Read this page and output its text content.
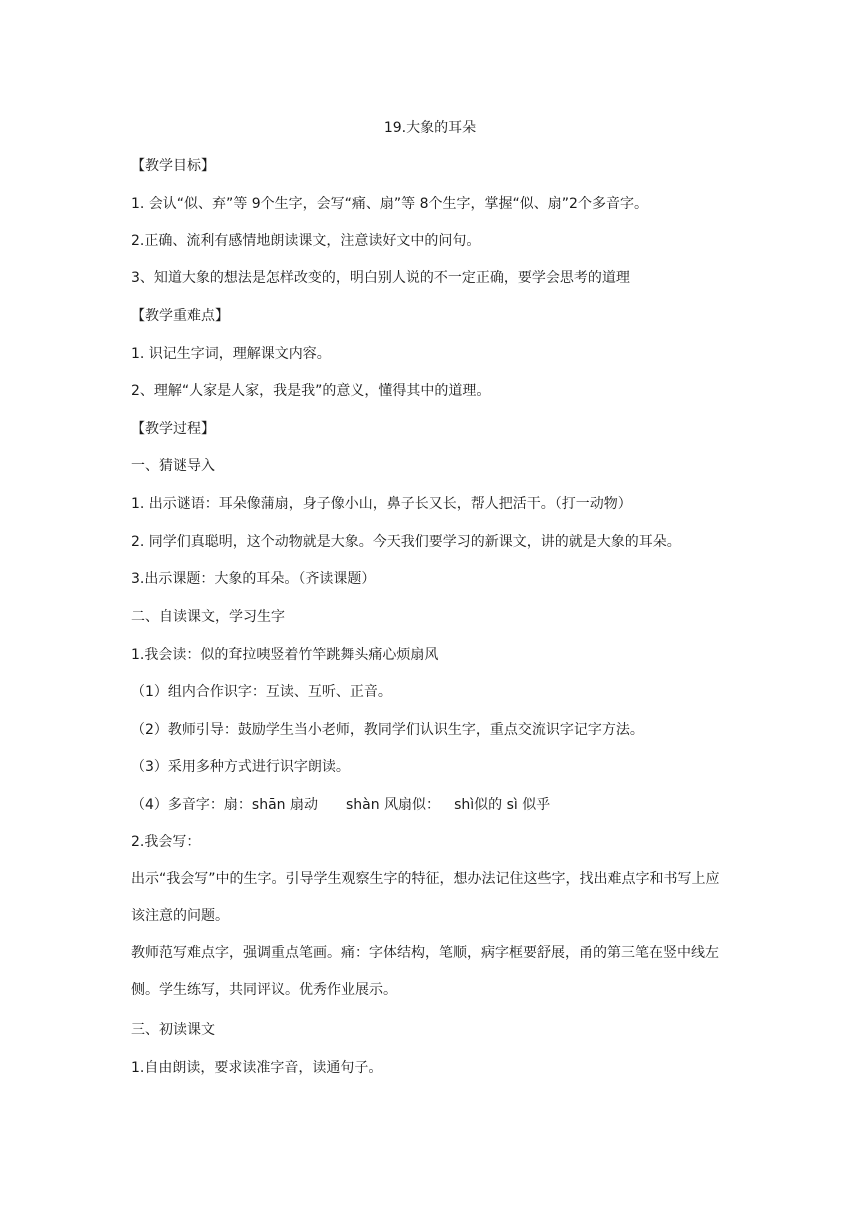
19.大象的耳朵
【教学目标】
1. 会认“似、弃”等 9个生字，会写“痛、扇”等 8个生字，掌握“似、扇”2个多音字。
2.正确、流利有感情地朗读课文，注意读好文中的问句。
3、知道大象的想法是怎样改变的，明白别人说的不一定正确，要学会思考的道理
【教学重难点】
1. 识记生字词，理解课文内容。
2、理解“人家是人家，我是我”的意义，懂得其中的道理。
【教学过程】
一、猜谜导入
1. 出示谜语：耳朵像蒲扇，身子像小山，鼻子长又长，帮人把活干。（打一动物）
2. 同学们真聪明，这个动物就是大象。今天我们要学习的新课文，讲的就是大象的耳朵。
3.出示课题：大象的耳朵。（齐读课题）
二、自读课文，学习生字
1.我会读：似的耷拉咦竖着竹竿跳舞头痛心烦扇风
（1）组内合作识字：互读、互听、正音。
（2）教师引导：鼓励学生当小老师，教同学们认识生字，重点交流识字记字方法。
（3）采用多种方式进行识字朗读。
（4）多音字：扇：shān 扇动 shàn 风扇似： shì似的 sì 似乎
2.我会写：
出示“我会写”中的生字。引导学生观察生字的特征，想办法记住这些字，找出难点字和书写上应该注意的问题。
教师范写难点字，强调重点笔画。痛：字体结构，笔顺，病字框要舒展，甬的第三笔在竖中线左侧。学生练写，共同评议。优秀作业展示。
三、初读课文
1.自由朗读，要求读准字音，读通句子。
